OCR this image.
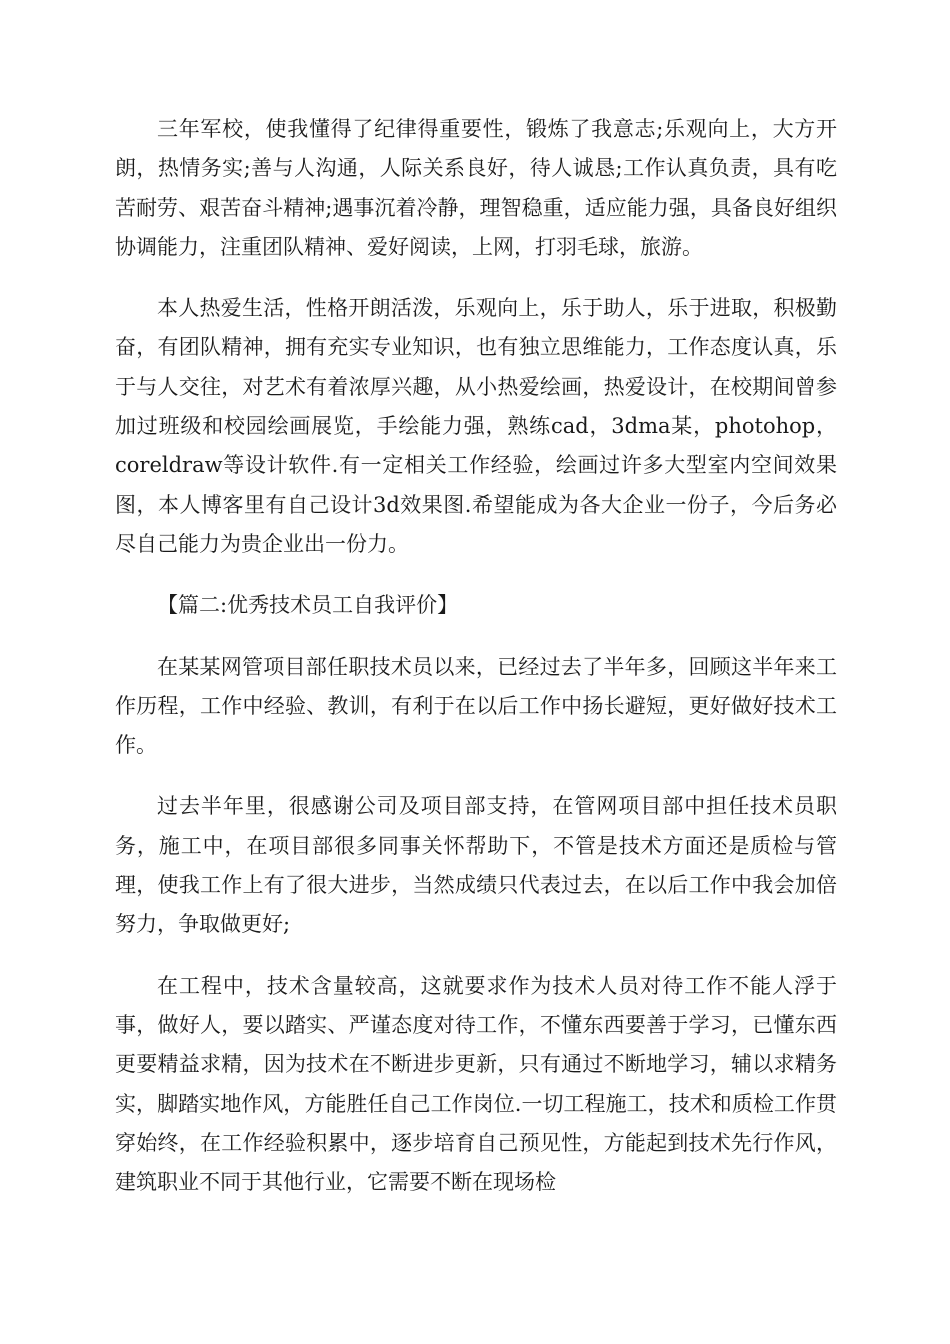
三年军校，使我懂得了纪律得重要性，锻炼了我意志;乐观向上，大方开朗，热情务实;善与人沟通，人际关系良好，待人诚恳;工作认真负责，具有吃苦耐劳、艰苦奋斗精神;遇事沉着冷静，理智稳重，适应能力强，具备良好组织协调能力，注重团队精神、爱好阅读，上网，打羽毛球，旅游。

本人热爱生活，性格开朗活泼，乐观向上，乐于助人，乐于进取，积极勤奋，有团队精神，拥有充实专业知识，也有独立思维能力，工作态度认真，乐于与人交往，对艺术有着浓厚兴趣，从小热爱绘画，热爱设计，在校期间曾参加过班级和校园绘画展览，手绘能力强，熟练cad，3dma某，photohop，coreldraw等设计软件.有一定相关工作经验，绘画过许多大型室内空间效果图，本人博客里有自己设计3d效果图.希望能成为各大企业一份子，今后务必尽自己能力为贵企业出一份力。

【篇二:优秀技术员工自我评价】

在某某网管项目部任职技术员以来，已经过去了半年多，回顾这半年来工作历程，工作中经验、教训，有利于在以后工作中扬长避短，更好做好技术工作。

过去半年里，很感谢公司及项目部支持，在管网项目部中担任技术员职务，施工中，在项目部很多同事关怀帮助下，不管是技术方面还是质检与管理，使我工作上有了很大进步，当然成绩只代表过去，在以后工作中我会加倍努力，争取做更好;

在工程中，技术含量较高，这就要求作为技术人员对待工作不能人浮于事，做好人，要以踏实、严谨态度对待工作，不懂东西要善于学习，已懂东西更要精益求精，因为技术在不断进步更新，只有通过不断地学习，辅以求精务实，脚踏实地作风，方能胜任自己工作岗位.一切工程施工，技术和质检工作贯穿始终，在工作经验积累中，逐步培育自己预见性，方能起到技术先行作风，建筑职业不同于其他行业，它需要不断在现场检
